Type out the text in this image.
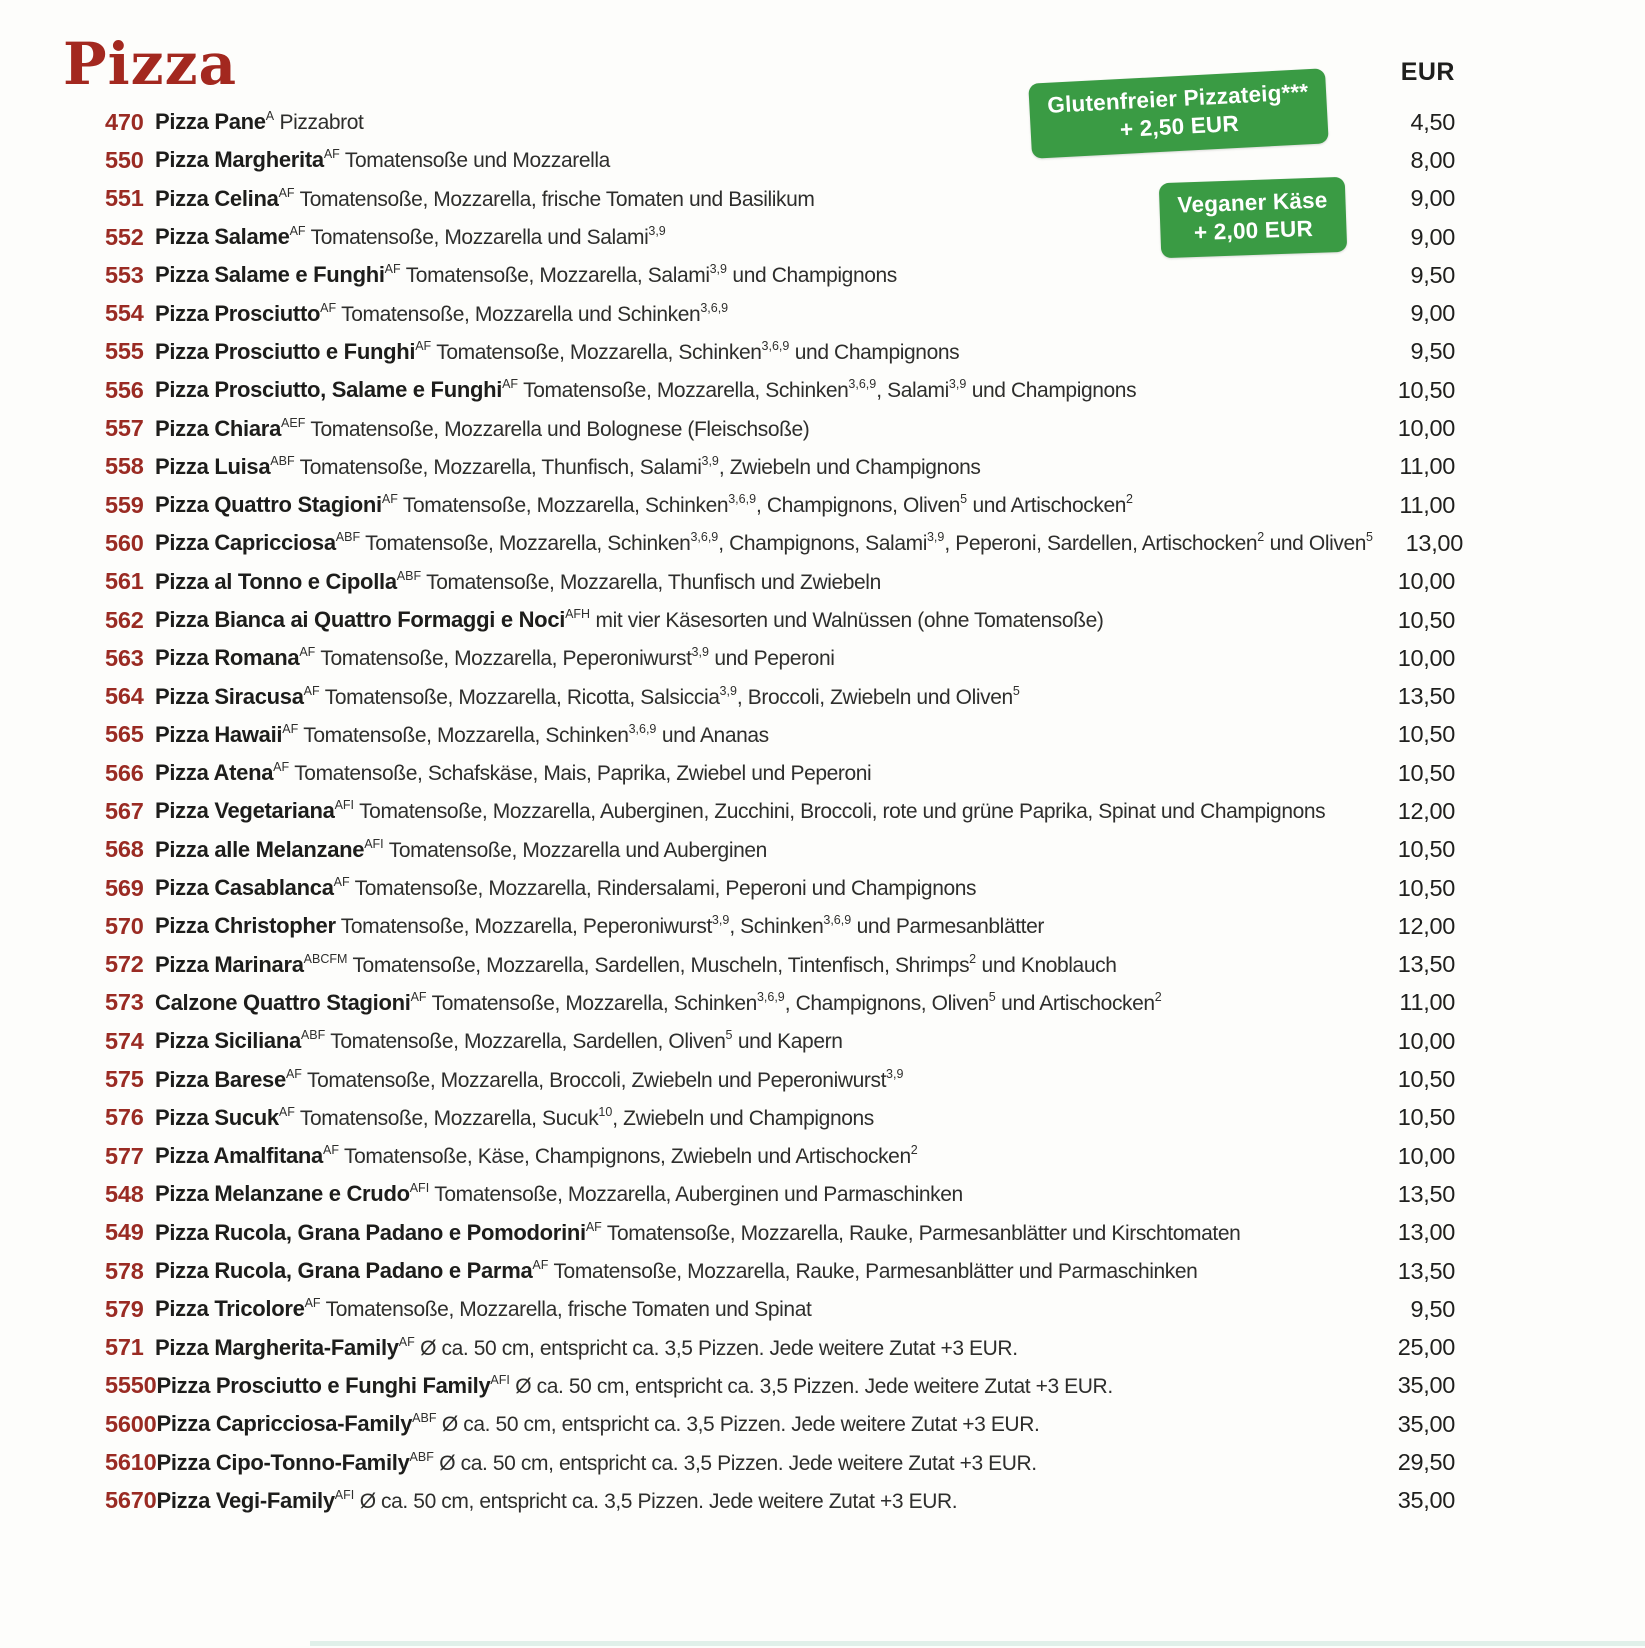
Pizza	EUR
Glutenfreier Pizzateig***
+ 2,50 EUR
Veganer Käse
+ 2,00 EUR
470 Pizza Pane$^A$ Pizzabrot	4,50
550 Pizza Margherita$^{AF}$ Tomatensoße und Mozzarella	8,00
551 Pizza Celina$^{AF}$ Tomatensoße, Mozzarella, frische Tomaten und Basilikum	9,00
552 Pizza Salame$^{AF}$ Tomatensoße, Mozzarella und Salami$^{3,9}$	9,00
553 Pizza Salame e Funghi$^{AF}$ Tomatensoße, Mozzarella, Salami$^{3,9}$ und Champignons	9,50
554 Pizza Prosciutto$^{AF}$ Tomatensoße, Mozzarella und Schinken$^{3,6,9}$	9,00
555 Pizza Prosciutto e Funghi$^{AF}$ Tomatensoße, Mozzarella, Schinken$^{3,6,9}$ und Champignons	9,50
556 Pizza Prosciutto, Salame e Funghi$^{AF}$ Tomatensoße, Mozzarella, Schinken$^{3,6,9}$, Salami$^{3,9}$ und Champignons	10,50
557 Pizza Chiara$^{AEF}$ Tomatensoße, Mozzarella und Bolognese (Fleischsoße)	10,00
558 Pizza Luisa$^{ABF}$ Tomatensoße, Mozzarella, Thunfisch, Salami$^{3,9}$, Zwiebeln und Champignons	11,00
559 Pizza Quattro Stagioni$^{AF}$ Tomatensoße, Mozzarella, Schinken$^{3,6,9}$, Champignons, Oliven$^5$ und Artischocken$^2$	11,00
560 Pizza Capricciosa$^{ABF}$ Tomatensoße, Mozzarella, Schinken$^{3,6,9}$, Champignons, Salami$^{3,9}$, Peperoni, Sardellen, Artischocken$^2$ und Oliven$^5$	13,00
561 Pizza al Tonno e Cipolla$^{ABF}$ Tomatensoße, Mozzarella, Thunfisch und Zwiebeln	10,00
562 Pizza Bianca ai Quattro Formaggi e Noci$^{AFH}$ mit vier Käsesorten und Walnüssen (ohne Tomatensoße)	10,50
563 Pizza Romana$^{AF}$ Tomatensoße, Mozzarella, Peperoniwurst$^{3,9}$ und Peperoni	10,00
564 Pizza Siracusa$^{AF}$ Tomatensoße, Mozzarella, Ricotta, Salsiccia$^{3,9}$, Broccoli, Zwiebeln und Oliven$^5$	13,50
565 Pizza Hawaii$^{AF}$ Tomatensoße, Mozzarella, Schinken$^{3,6,9}$ und Ananas	10,50
566 Pizza Atena$^{AF}$ Tomatensoße, Schafskäse, Mais, Paprika, Zwiebel und Peperoni	10,50
567 Pizza Vegetariana$^{AFI}$ Tomatensoße, Mozzarella, Auberginen, Zucchini, Broccoli, rote und grüne Paprika, Spinat und Champignons	12,00
568 Pizza alle Melanzane$^{AFI}$ Tomatensoße, Mozzarella und Auberginen	10,50
569 Pizza Casablanca$^{AF}$ Tomatensoße, Mozzarella, Rindersalami, Peperoni und Champignons	10,50
570 Pizza Christopher Tomatensoße, Mozzarella, Peperoniwurst$^{3,9}$, Schinken$^{3,6,9}$ und Parmesanblätter	12,00
572 Pizza Marinara$^{ABCFM}$ Tomatensoße, Mozzarella, Sardellen, Muscheln, Tintenfisch, Shrimps$^2$ und Knoblauch	13,50
573 Calzone Quattro Stagioni$^{AF}$ Tomatensoße, Mozzarella, Schinken$^{3,6,9}$, Champignons, Oliven$^5$ und Artischocken$^2$	11,00
574 Pizza Siciliana$^{ABF}$ Tomatensoße, Mozzarella, Sardellen, Oliven$^5$ und Kapern	10,00
575 Pizza Barese$^{AF}$ Tomatensoße, Mozzarella, Broccoli, Zwiebeln und Peperoniwurst$^{3,9}$	10,50
576 Pizza Sucuk$^{AF}$ Tomatensoße, Mozzarella, Sucuk$^{10}$, Zwiebeln und Champignons	10,50
577 Pizza Amalfitana$^{AF}$ Tomatensoße, Käse, Champignons, Zwiebeln und Artischocken$^2$	10,00
548 Pizza Melanzane e Crudo$^{AFI}$ Tomatensoße, Mozzarella, Auberginen und Parmaschinken	13,50
549 Pizza Rucola, Grana Padano e Pomodorini$^{AF}$ Tomatensoße, Mozzarella, Rauke, Parmesanblätter und Kirschtomaten	13,00
578 Pizza Rucola, Grana Padano e Parma$^{AF}$ Tomatensoße, Mozzarella, Rauke, Parmesanblätter und Parmaschinken	13,50
579 Pizza Tricolore$^{AF}$ Tomatensoße, Mozzarella, frische Tomaten und Spinat	9,50
571 Pizza Margherita-Family$^{AF}$ Ø ca. 50 cm, entspricht ca. 3,5 Pizzen. Jede weitere Zutat +3 EUR.	25,00
5550 Pizza Prosciutto e Funghi Family$^{AFI}$ Ø ca. 50 cm, entspricht ca. 3,5 Pizzen. Jede weitere Zutat +3 EUR.	35,00
5600 Pizza Capricciosa-Family$^{ABF}$ Ø ca. 50 cm, entspricht ca. 3,5 Pizzen. Jede weitere Zutat +3 EUR.	35,00
5610 Pizza Cipo-Tonno-Family$^{ABF}$ Ø ca. 50 cm, entspricht ca. 3,5 Pizzen. Jede weitere Zutat +3 EUR.	29,50
5670 Pizza Vegi-Family$^{AFI}$ Ø ca. 50 cm, entspricht ca. 3,5 Pizzen. Jede weitere Zutat +3 EUR.	35,00
